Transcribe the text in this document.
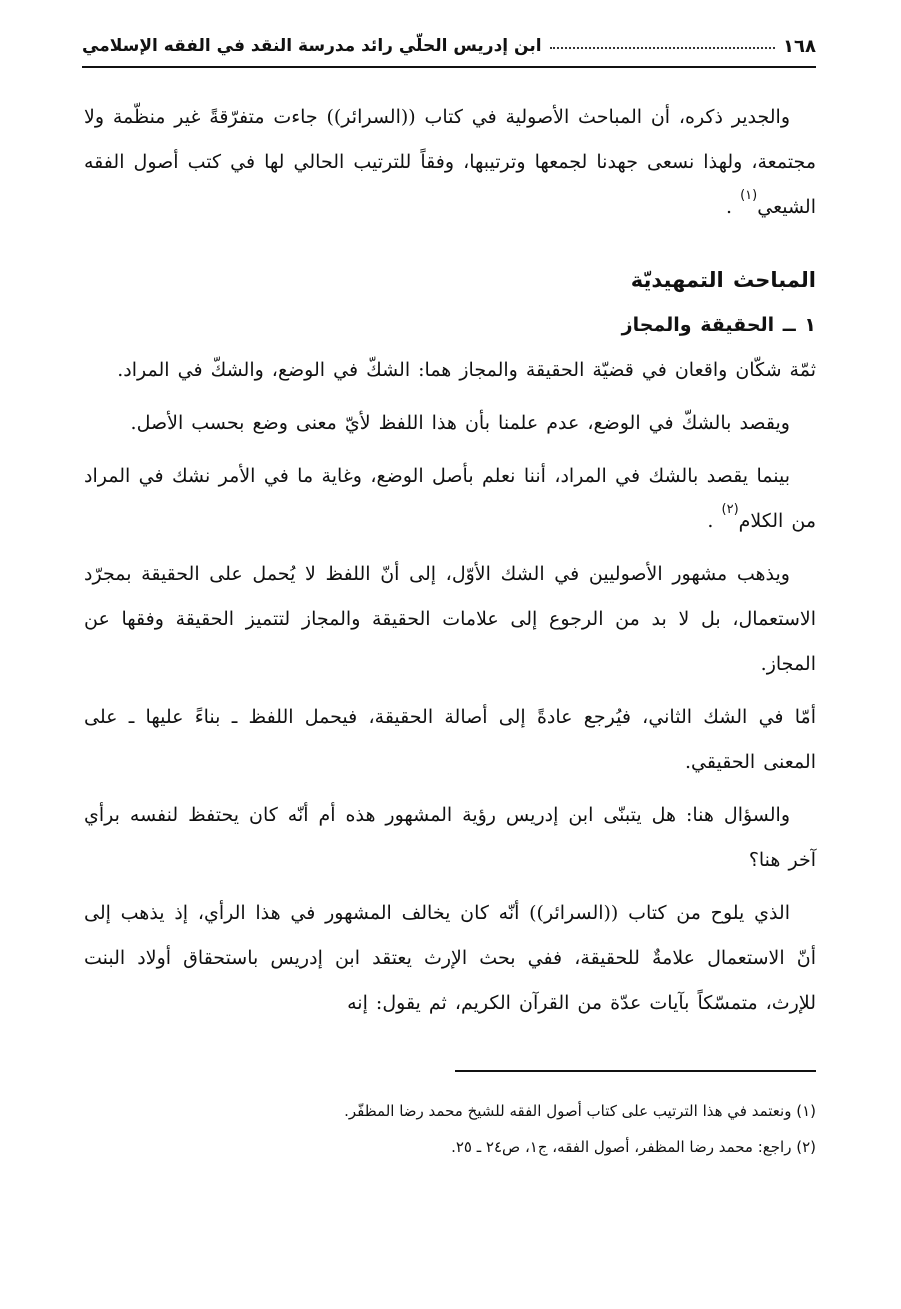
ابن إدريس الحلّي رائد مدرسة النقد في الفقه الإسلامي	١٦٨

والجدير ذكره، أن المباحث الأصولية في كتاب ((السرائر)) جاءت متفرّقةً غير منظّمة ولا مجتمعة، ولهذا نسعى جهدنا لجمعها وترتيبها، وفقاً للترتيب الحالي لها في كتب أصول الفقه الشيعي$^{(١)}$ .

المباحث التمهيديّة
١ ــ الحقيقة والمجاز

ثمّة شكّان واقعان في قضيّة الحقيقة والمجاز هما: الشكّ في الوضع، والشكّ في المراد.

ويقصد بالشكّ في الوضع، عدم علمنا بأن هذا اللفظ لأيّ معنى وضع بحسب الأصل.

بينما يقصد بالشك في المراد، أننا نعلم بأصل الوضع، وغاية ما في الأمر نشك في المراد من الكلام$^{(٢)}$ .

ويذهب مشهور الأصوليين في الشك الأوّل، إلى أنّ اللفظ لا يُحمل على الحقيقة بمجرّد الاستعمال، بل لا بد من الرجوع إلى علامات الحقيقة والمجاز لتتميز الحقيقة وفقها عن المجاز.

أمّا في الشك الثاني، فيُرجع عادةً إلى أصالة الحقيقة، فيحمل اللفظ ـ بناءً عليها ـ على المعنى الحقيقي.

والسؤال هنا: هل يتبنّى ابن إدريس رؤية المشهور هذه أم أنّه كان يحتفظ لنفسه برأي آخر هنا؟

الذي يلوح من كتاب ((السرائر)) أنّه كان يخالف المشهور في هذا الرأي، إذ يذهب إلى أنّ الاستعمال علامةٌ للحقيقة، ففي بحث الإرث يعتقد ابن إدريس باستحقاق أولاد البنت للإرث، متمسّكاً بآيات عدّة من القرآن الكريم، ثم يقول: إنه

(١) ونعتمد في هذا الترتيب على كتاب أصول الفقه للشيخ محمد رضا المظفّر.

(٢) راجع: محمد رضا المظفر، أصول الفقه، ج١، ص٢٤ ـ ٢٥.
